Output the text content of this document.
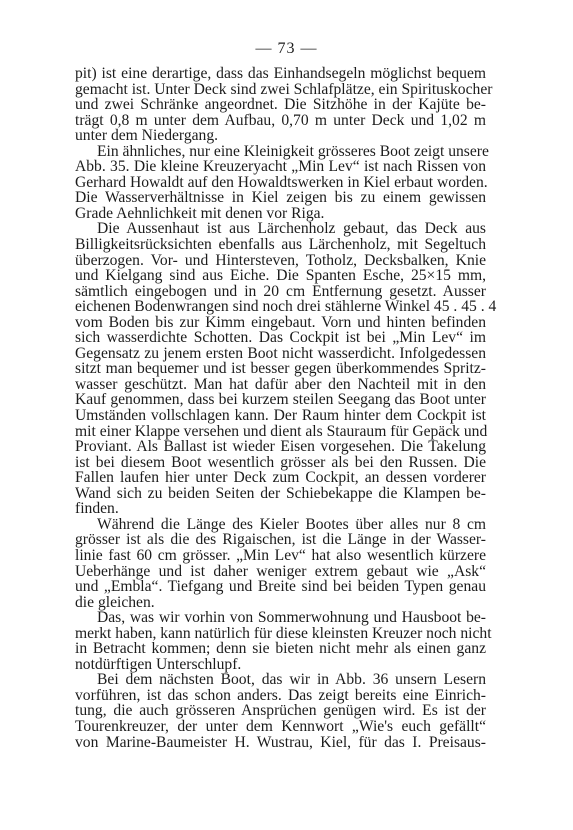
— 73 —
pit) ist eine derartige, dass das Einhandsegeln möglichst bequem
gemacht ist. Unter Deck sind zwei Schlafplätze, ein Spirituskocher
und zwei Schränke angeordnet. Die Sitzhöhe in der Kajüte be-
trägt 0,8 m unter dem Aufbau, 0,70 m unter Deck und 1,02 m
unter dem Niedergang.
Ein ähnliches, nur eine Kleinigkeit grösseres Boot zeigt unsere
Abb. 35. Die kleine Kreuzeryacht „Min Lev“ ist nach Rissen von
Gerhard Howaldt auf den Howaldtswerken in Kiel erbaut worden.
Die Wasserverhältnisse in Kiel zeigen bis zu einem gewissen
Grade Aehnlichkeit mit denen vor Riga.
Die Aussenhaut ist aus Lärchenholz gebaut, das Deck aus
Billigkeitsrücksichten ebenfalls aus Lärchenholz, mit Segeltuch
überzogen. Vor- und Hintersteven, Totholz, Decksbalken, Knie
und Kielgang sind aus Eiche. Die Spanten Esche, 25×15 mm,
sämtlich eingebogen und in 20 cm Entfernung gesetzt. Ausser
eichenen Bodenwrangen sind noch drei stählerne Winkel 45 . 45 . 4
vom Boden bis zur Kimm eingebaut. Vorn und hinten befinden
sich wasserdichte Schotten. Das Cockpit ist bei „Min Lev“ im
Gegensatz zu jenem ersten Boot nicht wasserdicht. Infolgedessen
sitzt man bequemer und ist besser gegen überkommendes Spritz-
wasser geschützt. Man hat dafür aber den Nachteil mit in den
Kauf genommen, dass bei kurzem steilen Seegang das Boot unter
Umständen vollschlagen kann. Der Raum hinter dem Cockpit ist
mit einer Klappe versehen und dient als Stauraum für Gepäck und
Proviant. Als Ballast ist wieder Eisen vorgesehen. Die Takelung
ist bei diesem Boot wesentlich grösser als bei den Russen. Die
Fallen laufen hier unter Deck zum Cockpit, an dessen vorderer
Wand sich zu beiden Seiten der Schiebekappe die Klampen be-
finden.
Während die Länge des Kieler Bootes über alles nur 8 cm
grösser ist als die des Rigaischen, ist die Länge in der Wasser-
linie fast 60 cm grösser. „Min Lev“ hat also wesentlich kürzere
Ueberhänge und ist daher weniger extrem gebaut wie „Ask“
und „Embla“. Tiefgang und Breite sind bei beiden Typen genau
die gleichen.
Das, was wir vorhin von Sommerwohnung und Hausboot be-
merkt haben, kann natürlich für diese kleinsten Kreuzer noch nicht
in Betracht kommen; denn sie bieten nicht mehr als einen ganz
notdürftigen Unterschlupf.
Bei dem nächsten Boot, das wir in Abb. 36 unsern Lesern
vorführen, ist das schon anders. Das zeigt bereits eine Einrich-
tung, die auch grösseren Ansprüchen genügen wird. Es ist der
Tourenkreuzer, der unter dem Kennwort „Wie's euch gefällt“
von Marine-Baumeister H. Wustrau, Kiel, für das I. Preisaus-
